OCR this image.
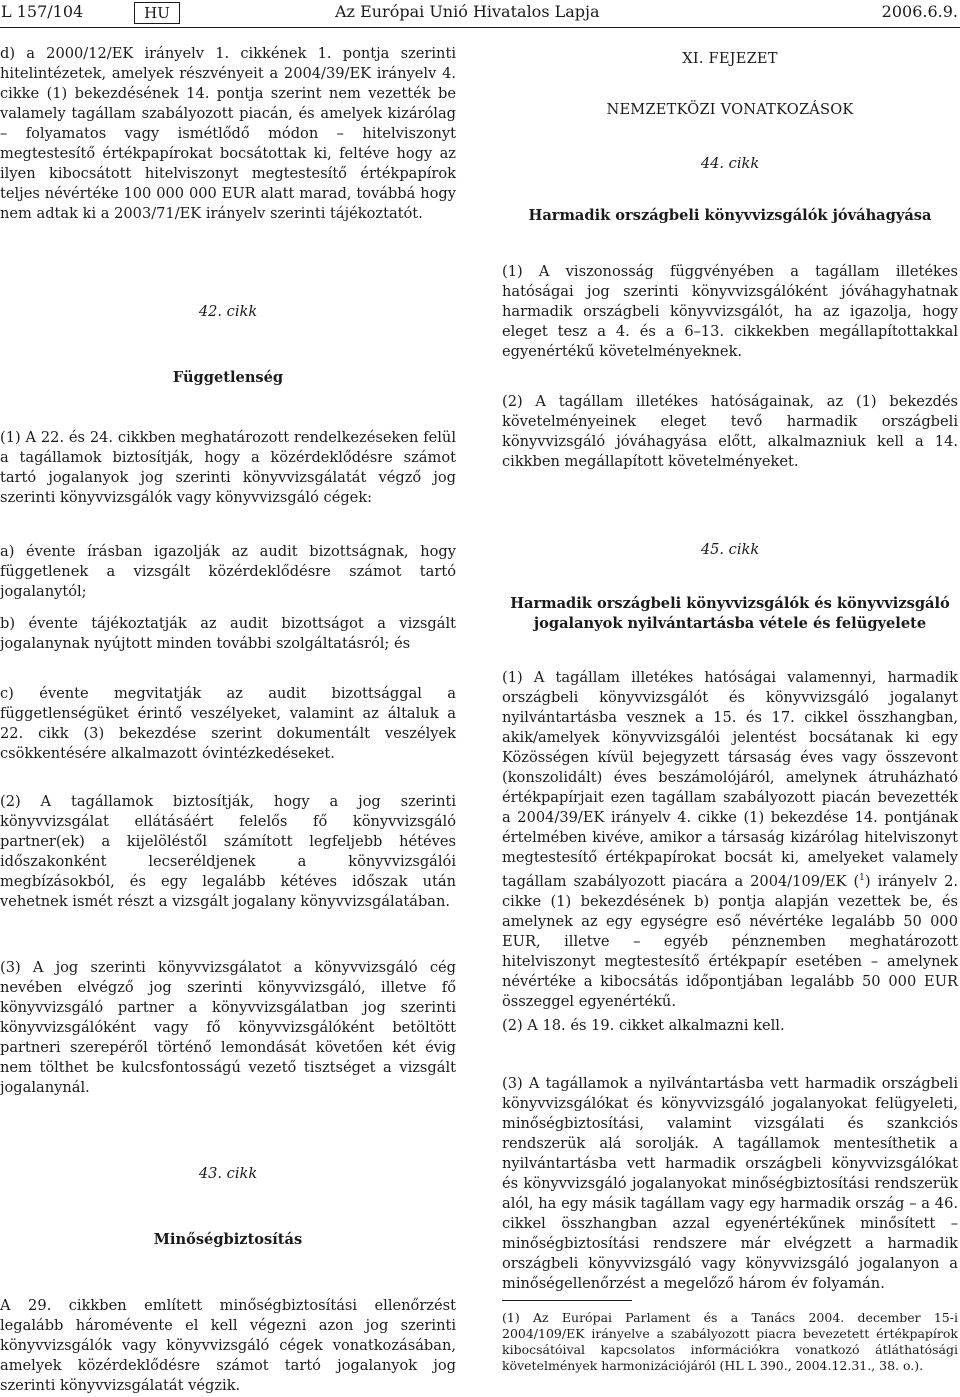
L 157/104	HU	Az Európai Unió Hivatalos Lapja	2006.6.9.

d) a 2000/12/EK irányelv 1. cikkének 1. pontja szerinti hitelintézetek, amelyek részvényeit a 2004/39/EK irányelv 4. cikke (1) bekezdésének 14. pontja szerint nem vezették be valamely tagállam szabályozott piacán, és amelyek kizárólag – folyamatos vagy ismétlődő módon – hitelviszonyt megtestesítő értékpapírokat bocsátottak ki, feltéve hogy az ilyen kibocsátott hitelviszonyt megtestesítő értékpapírok teljes névértéke 100 000 000 EUR alatt marad, továbbá hogy nem adtak ki a 2003/71/EK irányelv szerinti tájékoztatót.

42. cikk
Függetlenség

(1) A 22. és 24. cikkben meghatározott rendelkezéseken felül a tagállamok biztosítják, hogy a közérdeklődésre számot tartó jogalanyok jog szerinti könyvvizsgálatát végző jog szerinti könyvvizsgálók vagy könyvvizsgáló cégek:

a) évente írásban igazolják az audit bizottságnak, hogy függetlenek a vizsgált közérdeklődésre számot tartó jogalanytól;

b) évente tájékoztatják az audit bizottságot a vizsgált jogalanynak nyújtott minden további szolgáltatásról; és

c) évente megvitatják az audit bizottsággal a függetlenségüket érintő veszélyeket, valamint az általuk a 22. cikk (3) bekezdése szerint dokumentált veszélyek csökkentésére alkalmazott óvintézkedéseket.

(2) A tagállamok biztosítják, hogy a jog szerinti könyvvizsgálat ellátásáért felelős fő könyvvizsgáló partner(ek) a kijelöléstől számított legfeljebb hétéves időszakonként lecseréldjenek a könyvvizsgálói megbízásokból, és egy legalább kétéves időszak után vehetnek ismét részt a vizsgált jogalany könyvvizsgálatában.

(3) A jog szerinti könyvvizsgálatot a könyvvizsgáló cég nevében elvégző jog szerinti könyvvizsgáló, illetve fő könyvvizsgáló partner a könyvvizsgálatban jog szerinti könyvvizsgálóként vagy fő könyvvizsgálóként betöltött partneri szerepéről történő lemondását követően két évig nem tölthet be kulcsfontosságú vezető tisztséget a vizsgált jogalanynál.

43. cikk
Minőségbiztosítás

A 29. cikkben említett minőségbiztosítási ellenőrzést legalább háromévente el kell végezni azon jog szerinti könyvvizsgálók vagy könyvvizsgáló cégek vonatkozásában, amelyek közérdeklődésre számot tartó jogalanyok jog szerinti könyvvizsgálatát végzik.

XI. FEJEZET
NEMZETKÖZI VONATKOZÁSOK
44. cikk
Harmadik országbeli könyvvizsgálók jóváhagyása

(1) A viszonosság függvényében a tagállam illetékes hatóságai jog szerinti könyvvizsgálóként jóváhagyhatnak harmadik országbeli könyvvizsgálót, ha az igazolja, hogy eleget tesz a 4. és a 6–13. cikkekben megállapítottakkal egyenértékű követelményeknek.

(2) A tagállam illetékes hatóságainak, az (1) bekezdés követelményeinek eleget tevő harmadik országbeli könyvvizsgáló jóváhagyása előtt, alkalmazniuk kell a 14. cikkben megállapított követelményeket.

45. cikk
Harmadik országbeli könyvvizsgálók és könyvvizsgáló jogalanyok nyilvántartásba vétele és felügyelete

(1) A tagállam illetékes hatóságai valamennyi, harmadik országbeli könyvvizsgálót és könyvvizsgáló jogalanyt nyilvántartásba vesznek a 15. és 17. cikkel összhangban, akik/amelyek könyvvizsgálói jelentést bocsátanak ki egy Közösségen kívül bejegyzett társaság éves vagy összevont (konszolidált) éves beszámolójáról, amelynek átruházható értékpapírjait ezen tagállam szabályozott piacán bevezették a 2004/39/EK irányelv 4. cikke (1) bekezdése 14. pontjának értelmében kivéve, amikor a társaság kizárólag hitelviszonyt megtestesítő értékpapírokat bocsát ki, amelyeket valamely tagállam szabályozott piacára a 2004/109/EK ($^1$) irányelv 2. cikke (1) bekezdésének b) pontja alapján vezettek be, és amelynek az egy egységre eső névértéke legalább 50 000 EUR, illetve – egyéb pénznemben meghatározott hitelviszonyt megtestesítő értékpapír esetében – amelynek névértéke a kibocsátás időpontjában legalább 50 000 EUR összeggel egyenértékű.

(2) A 18. és 19. cikket alkalmazni kell.

(3) A tagállamok a nyilvántartásba vett harmadik országbeli könyvvizsgálókat és könyvvizsgáló jogalanyokat felügyeleti, minőségbiztosítási, valamint vizsgálati és szankciós rendszerük alá sorolják. A tagállamok mentesíthetik a nyilvántartásba vett harmadik országbeli könyvvizsgálókat és könyvvizsgáló jogalanyokat minőségbiztosítási rendszerük alól, ha egy másik tagállam vagy egy harmadik ország – a 46. cikkel összhangban azzal egyenértékűnek minősített – minőségbiztosítási rendszere már elvégzett a harmadik országbeli könyvvizsgáló vagy könyvvizsgáló jogalanyon a minőségellenőrzést a megelőző három év folyamán.

(1) Az Európai Parlament és a Tanács 2004. december 15-i 2004/109/EK irányelve a szabályozott piacra bevezetett értékpapírok kibocsátóival kapcsolatos információkra vonatkozó átláthatósági követelmények harmonizációjáról (HL L 390., 2004.12.31., 38. o.).
